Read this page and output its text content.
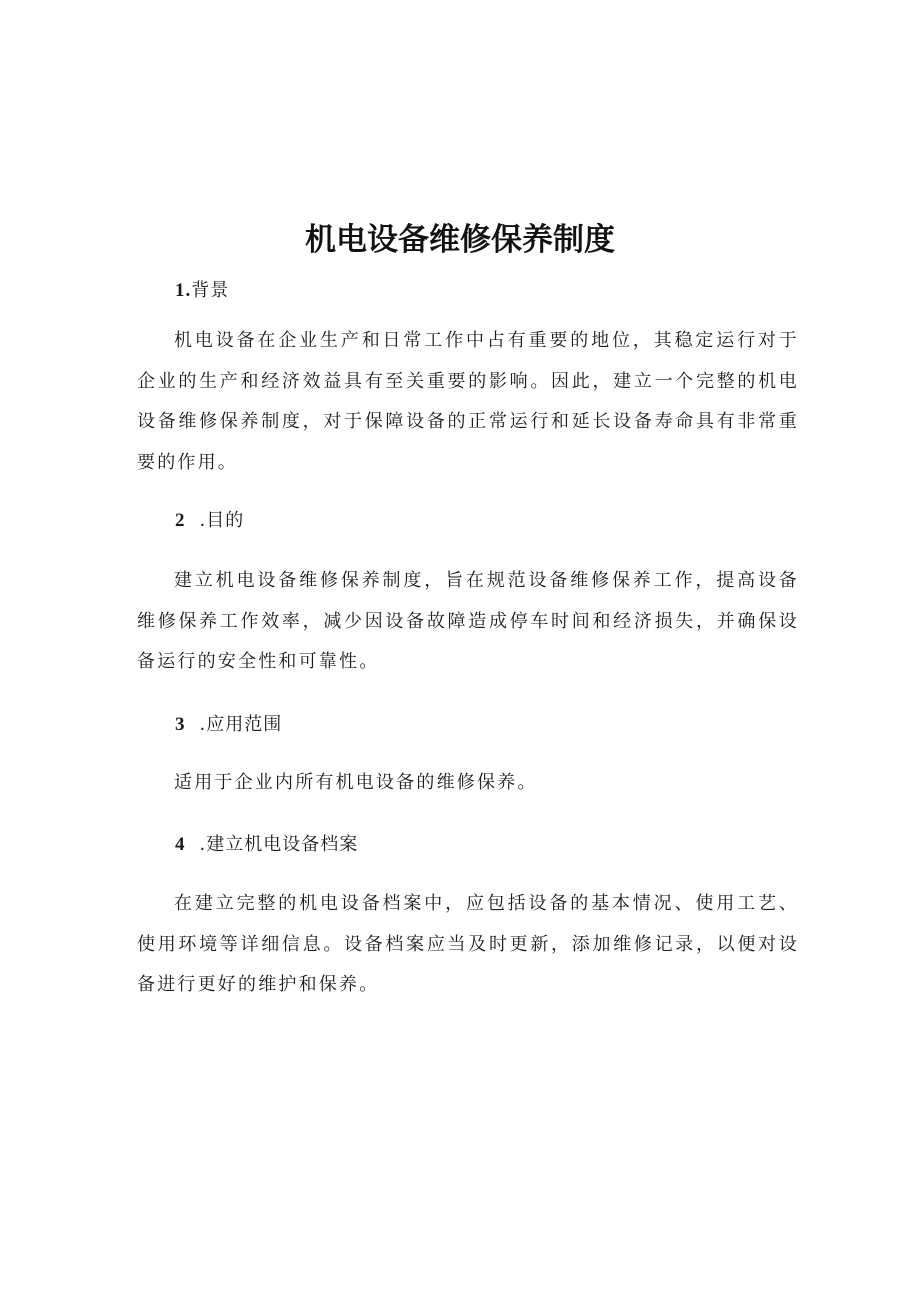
机电设备维修保养制度

1.背景

机电设备在企业生产和日常工作中占有重要的地位，其稳定运行对于企业的生产和经济效益具有至关重要的影响。因此，建立一个完整的机电设备维修保养制度，对于保障设备的正常运行和延长设备寿命具有非常重要的作用。

2 .目的

建立机电设备维修保养制度，旨在规范设备维修保养工作，提高设备维修保养工作效率，减少因设备故障造成停车时间和经济损失，并确保设备运行的安全性和可靠性。

3 .应用范围

适用于企业内所有机电设备的维修保养。

4 .建立机电设备档案

在建立完整的机电设备档案中，应包括设备的基本情况、使用工艺、使用环境等详细信息。设备档案应当及时更新，添加维修记录，以便对设备进行更好的维护和保养。
